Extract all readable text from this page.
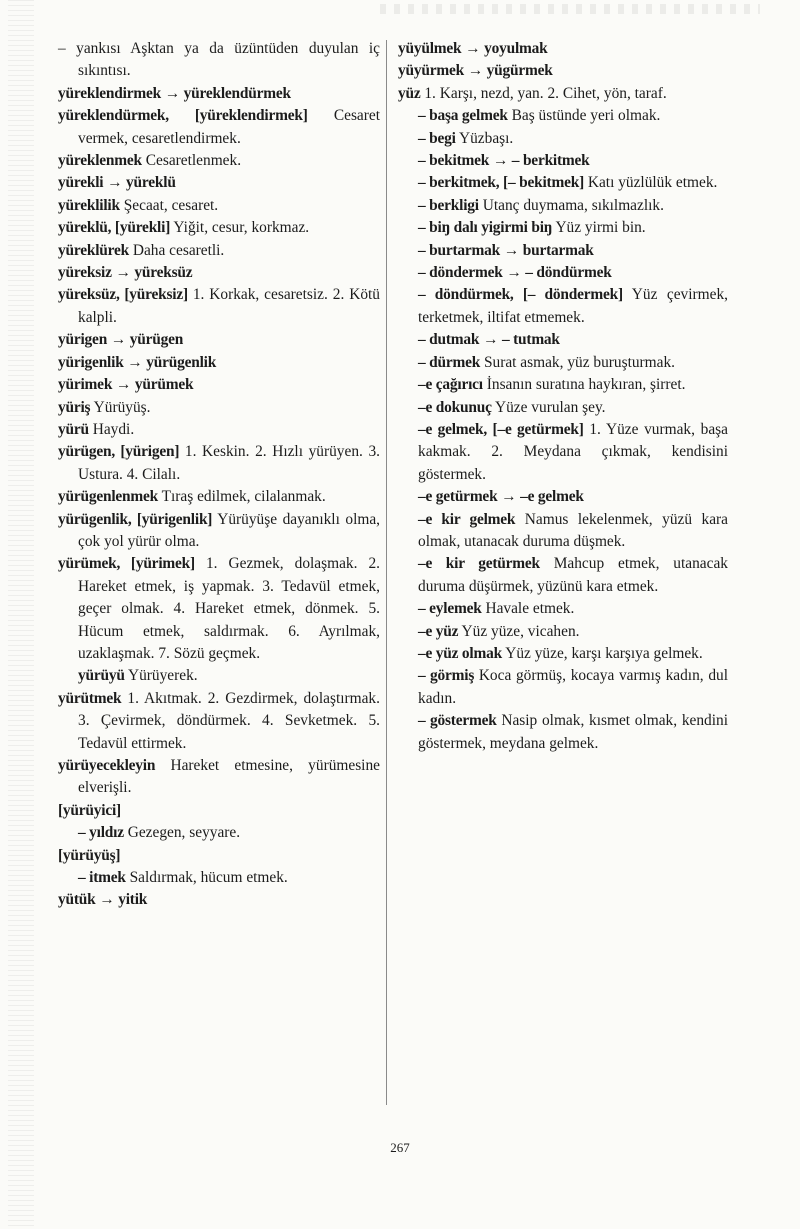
– yankısı Aşktan ya da üzüntüden duyulan iç sıkıntısı.

yüreklendirmek → yüreklendürmek

yüreklendürmek, [yüreklendirmek] Cesaret vermek, cesaretlendirmek.

yüreklenmek Cesaretlenmek.

yürekli → yüreklü

yüreklilik Şecaat, cesaret.

yüreklü, [yürekli] Yiğit, cesur, korkmaz.

yüreklürek Daha cesaretli.

yüreksiz → yüreksüz

yüreksüz, [yüreksiz] 1. Korkak, cesaretsiz. 2. Kötü kalpli.

yürigen → yürügen

yürigenlik → yürügenlik

yürimek → yürümek

yüriş Yürüyüş.

yürü Haydi.

yürügen, [yürigen] 1. Keskin. 2. Hızlı yürüyen. 3. Ustura. 4. Cilalı.

yürügenlenmek Tıraş edilmek, cilalanmak.

yürügenlik, [yürigenlik] Yürüyüşe dayanıklı olma, çok yol yürür olma.

yürümek, [yürimek] 1. Gezmek, dolaşmak. 2. Hareket etmek, iş yapmak. 3. Tedavül etmek, geçer olmak. 4. Hareket etmek, dönmek. 5. Hücum etmek, saldırmak. 6. Ayrılmak, uzaklaşmak. 7. Sözü geçmek.

yürüyü Yürüyerek.

yürütmek 1. Akıtmak. 2. Gezdirmek, dolaştırmak. 3. Çevirmek, döndürmek. 4. Sevketmek. 5. Tedavül ettirmek.

yürüyecekleyin Hareket etmesine, yürümesine elverişli.

[yürüyici]

– yıldız Gezegen, seyyare.

[yürüyüş]

– itmek Saldırmak, hücum etmek.

yütük → yitik

yüyülmek → yoyulmak

yüyürmek → yügürmek

yüz 1. Karşı, nezd, yan. 2. Cihet, yön, taraf.

– başa gelmek Baş üstünde yeri olmak.

– begi Yüzbaşı.

– bekitmek → – berkitmek

– berkitmek, [– bekitmek] Katı yüzlülük etmek.

– berkligi Utanç duymama, sıkılmazlık.

– biŋ dalı yigirmi biŋ Yüz yirmi bin.

– burtarmak → burtarmak

– döndermek → – döndürmek

– döndürmek, [– döndermek] Yüz çevirmek, terketmek, iltifat etmemek.

– dutmak → – tutmak

– dürmek Surat asmak, yüz buruşturmak.

–e çağırıcı İnsanın suratına haykıran, şirret.

–e dokunuç Yüze vurulan şey.

–e gelmek, [–e getürmek] 1. Yüze vurmak, başa kakmak. 2. Meydana çıkmak, kendisini göstermek.

–e getürmek → –e gelmek

–e kir gelmek Namus lekelenmek, yüzü kara olmak, utanacak duruma düşmek.

–e kir getürmek Mahcup etmek, utanacak duruma düşürmek, yüzünü kara etmek.

– eylemek Havale etmek.

–e yüz Yüz yüze, vicahen.

–e yüz olmak Yüz yüze, karşı karşıya gelmek.

– görmiş Koca görmüş, kocaya varmış kadın, dul kadın.

– göstermek Nasip olmak, kısmet olmak, kendini göstermek, meydana gelmek.

267
